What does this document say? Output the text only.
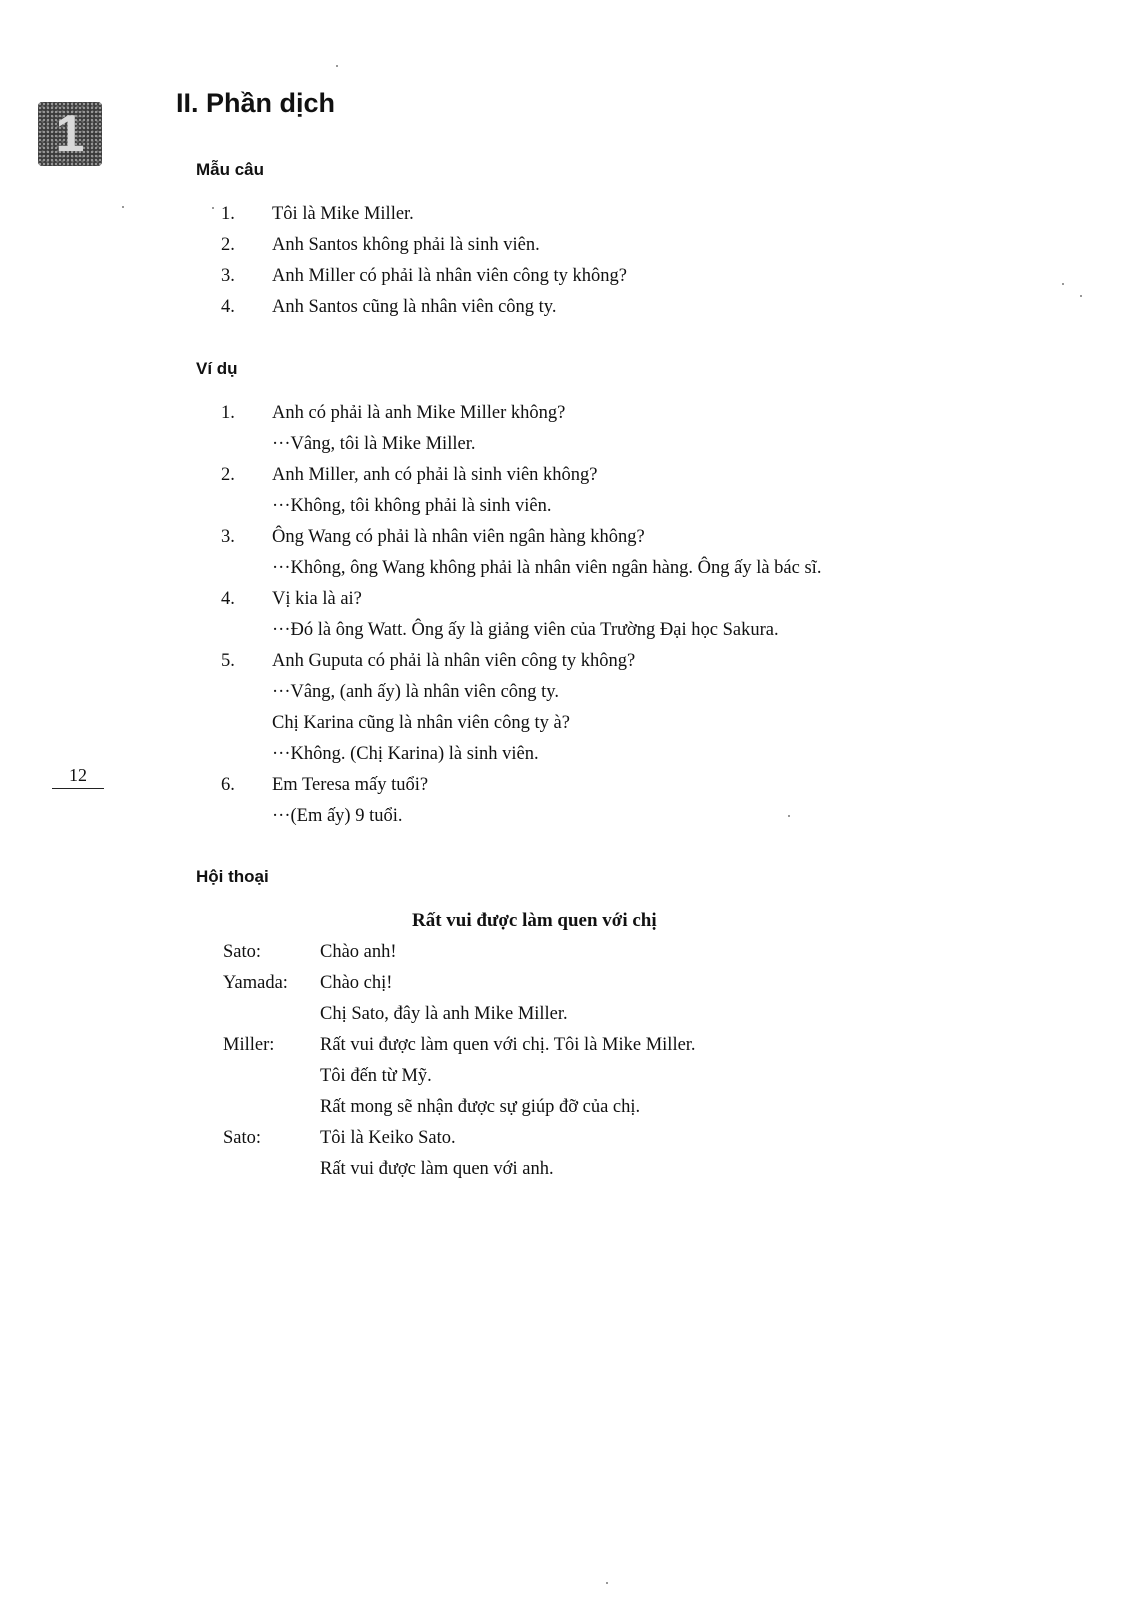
1
II. Phần dịch
Mẫu câu
1. Tôi là Mike Miller.
2. Anh Santos không phải là sinh viên.
3. Anh Miller có phải là nhân viên công ty không?
4. Anh Santos cũng là nhân viên công ty.
Ví dụ
1. Anh có phải là anh Mike Miller không?
···Vâng, tôi là Mike Miller.
2. Anh Miller, anh có phải là sinh viên không?
···Không, tôi không phải là sinh viên.
3. Ông Wang có phải là nhân viên ngân hàng không?
···Không, ông Wang không phải là nhân viên ngân hàng. Ông ấy là bác sĩ.
4. Vị kia là ai?
···Đó là ông Watt. Ông ấy là giảng viên của Trường Đại học Sakura.
5. Anh Guputa có phải là nhân viên công ty không?
···Vâng, (anh ấy) là nhân viên công ty.
Chị Karina cũng là nhân viên công ty à?
···Không. (Chị Karina) là sinh viên.
6. Em Teresa mấy tuổi?
···(Em ấy) 9 tuổi.
12
Hội thoại
Rất vui được làm quen với chị
Sato:	Chào anh!
Yamada: Chào chị!
Chị Sato, đây là anh Mike Miller.
Miller: Rất vui được làm quen với chị. Tôi là Mike Miller.
Tôi đến từ Mỹ.
Rất mong sẽ nhận được sự giúp đỡ của chị.
Sato:	Tôi là Keiko Sato.
Rất vui được làm quen với anh.
